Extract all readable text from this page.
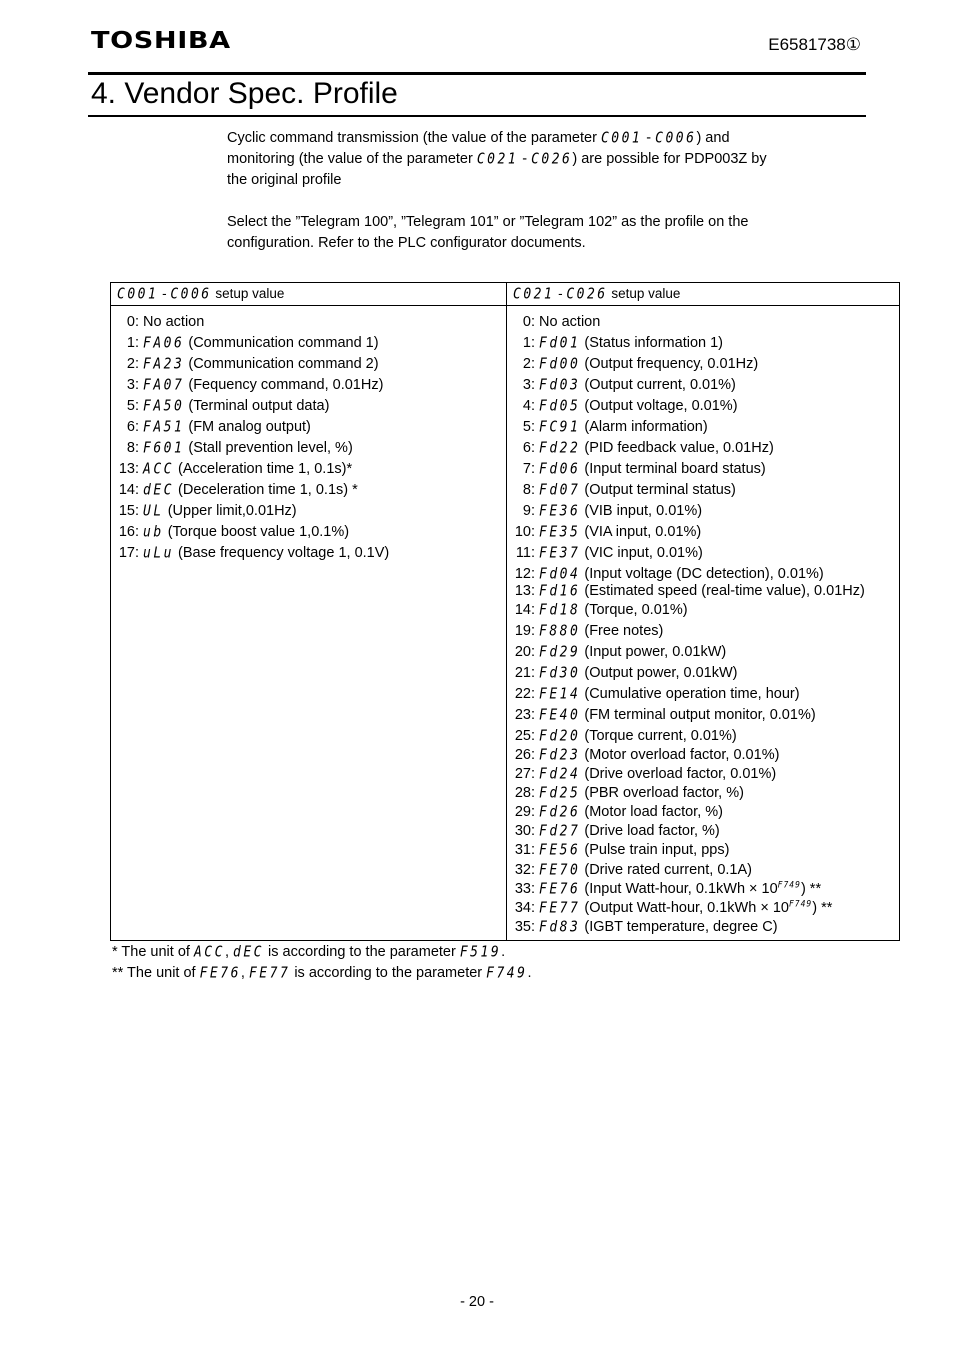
TOSHIBA	E6581738①
4. Vendor Spec. Profile

Cyclic command transmission (the value of the parameter C001 - C006) and

monitoring (the value of the parameter C021 - C026) are possible for PDP003Z by

the original profile

Select the ”Telegram 100”, ”Telegram 101” or ”Telegram 102” as the profile on the

configuration. Refer to the PLC configurator documents.

C001 - C006 setup value	C021 - C026 setup value
0: No action
1: FA06 (Communication command 1)
2: FA23 (Communication command 2)
3: FA07 (Fequency command, 0.01Hz)
5: FA50 (Terminal output data)
6: FA51 (FM analog output)
8: F601 (Stall prevention level, %)
13: ACC (Acceleration time 1, 0.1s)*
14: dEC (Deceleration time 1, 0.1s) *
15: UL (Upper limit,0.01Hz)
16: ub (Torque boost value 1,0.1%)
17: uLu (Base frequency voltage 1, 0.1V)
0: No action
1: Fd01 (Status information 1)
2: Fd00 (Output frequency, 0.01Hz)
3: Fd03 (Output current, 0.01%)
4: Fd05 (Output voltage, 0.01%)
5: FC91 (Alarm information)
6: Fd22 (PID feedback value, 0.01Hz)
7: Fd06 (Input terminal board status)
8: Fd07 (Output terminal status)
9: FE36 (VIB input, 0.01%)
10: FE35 (VIA input, 0.01%)
11: FE37 (VIC input, 0.01%)
12: Fd04 (Input voltage (DC detection), 0.01%)
13: Fd16 (Estimated speed (real-time value), 0.01Hz)
14: Fd18 (Torque, 0.01%)
19: F880 (Free notes)
20: Fd29 (Input power, 0.01kW)
21: Fd30 (Output power, 0.01kW)
22: FE14 (Cumulative operation time, hour)
23: FE40 (FM terminal output monitor, 0.01%)
25: Fd20 (Torque current, 0.01%)
26: Fd23 (Motor overload factor, 0.01%)
27: Fd24 (Drive overload factor, 0.01%)
28: Fd25 (PBR overload factor, %)
29: Fd26 (Motor load factor, %)
30: Fd27 (Drive load factor, %)
31: FE56 (Pulse train input, pps)
32: FE70 (Drive rated current, 0.1A)
33: FE76 (Input Watt-hour, $0.1kWh \times 10^{F749}$) **
34: FE77 (Output Watt-hour, $0.1kWh \times 10^{F749}$) **
35: Fd83 (IGBT temperature, degree C)
* The unit of ACC, dEC is according to the parameter F519.
** The unit of FE76, FE77 is according to the parameter F749.
- 20 -
